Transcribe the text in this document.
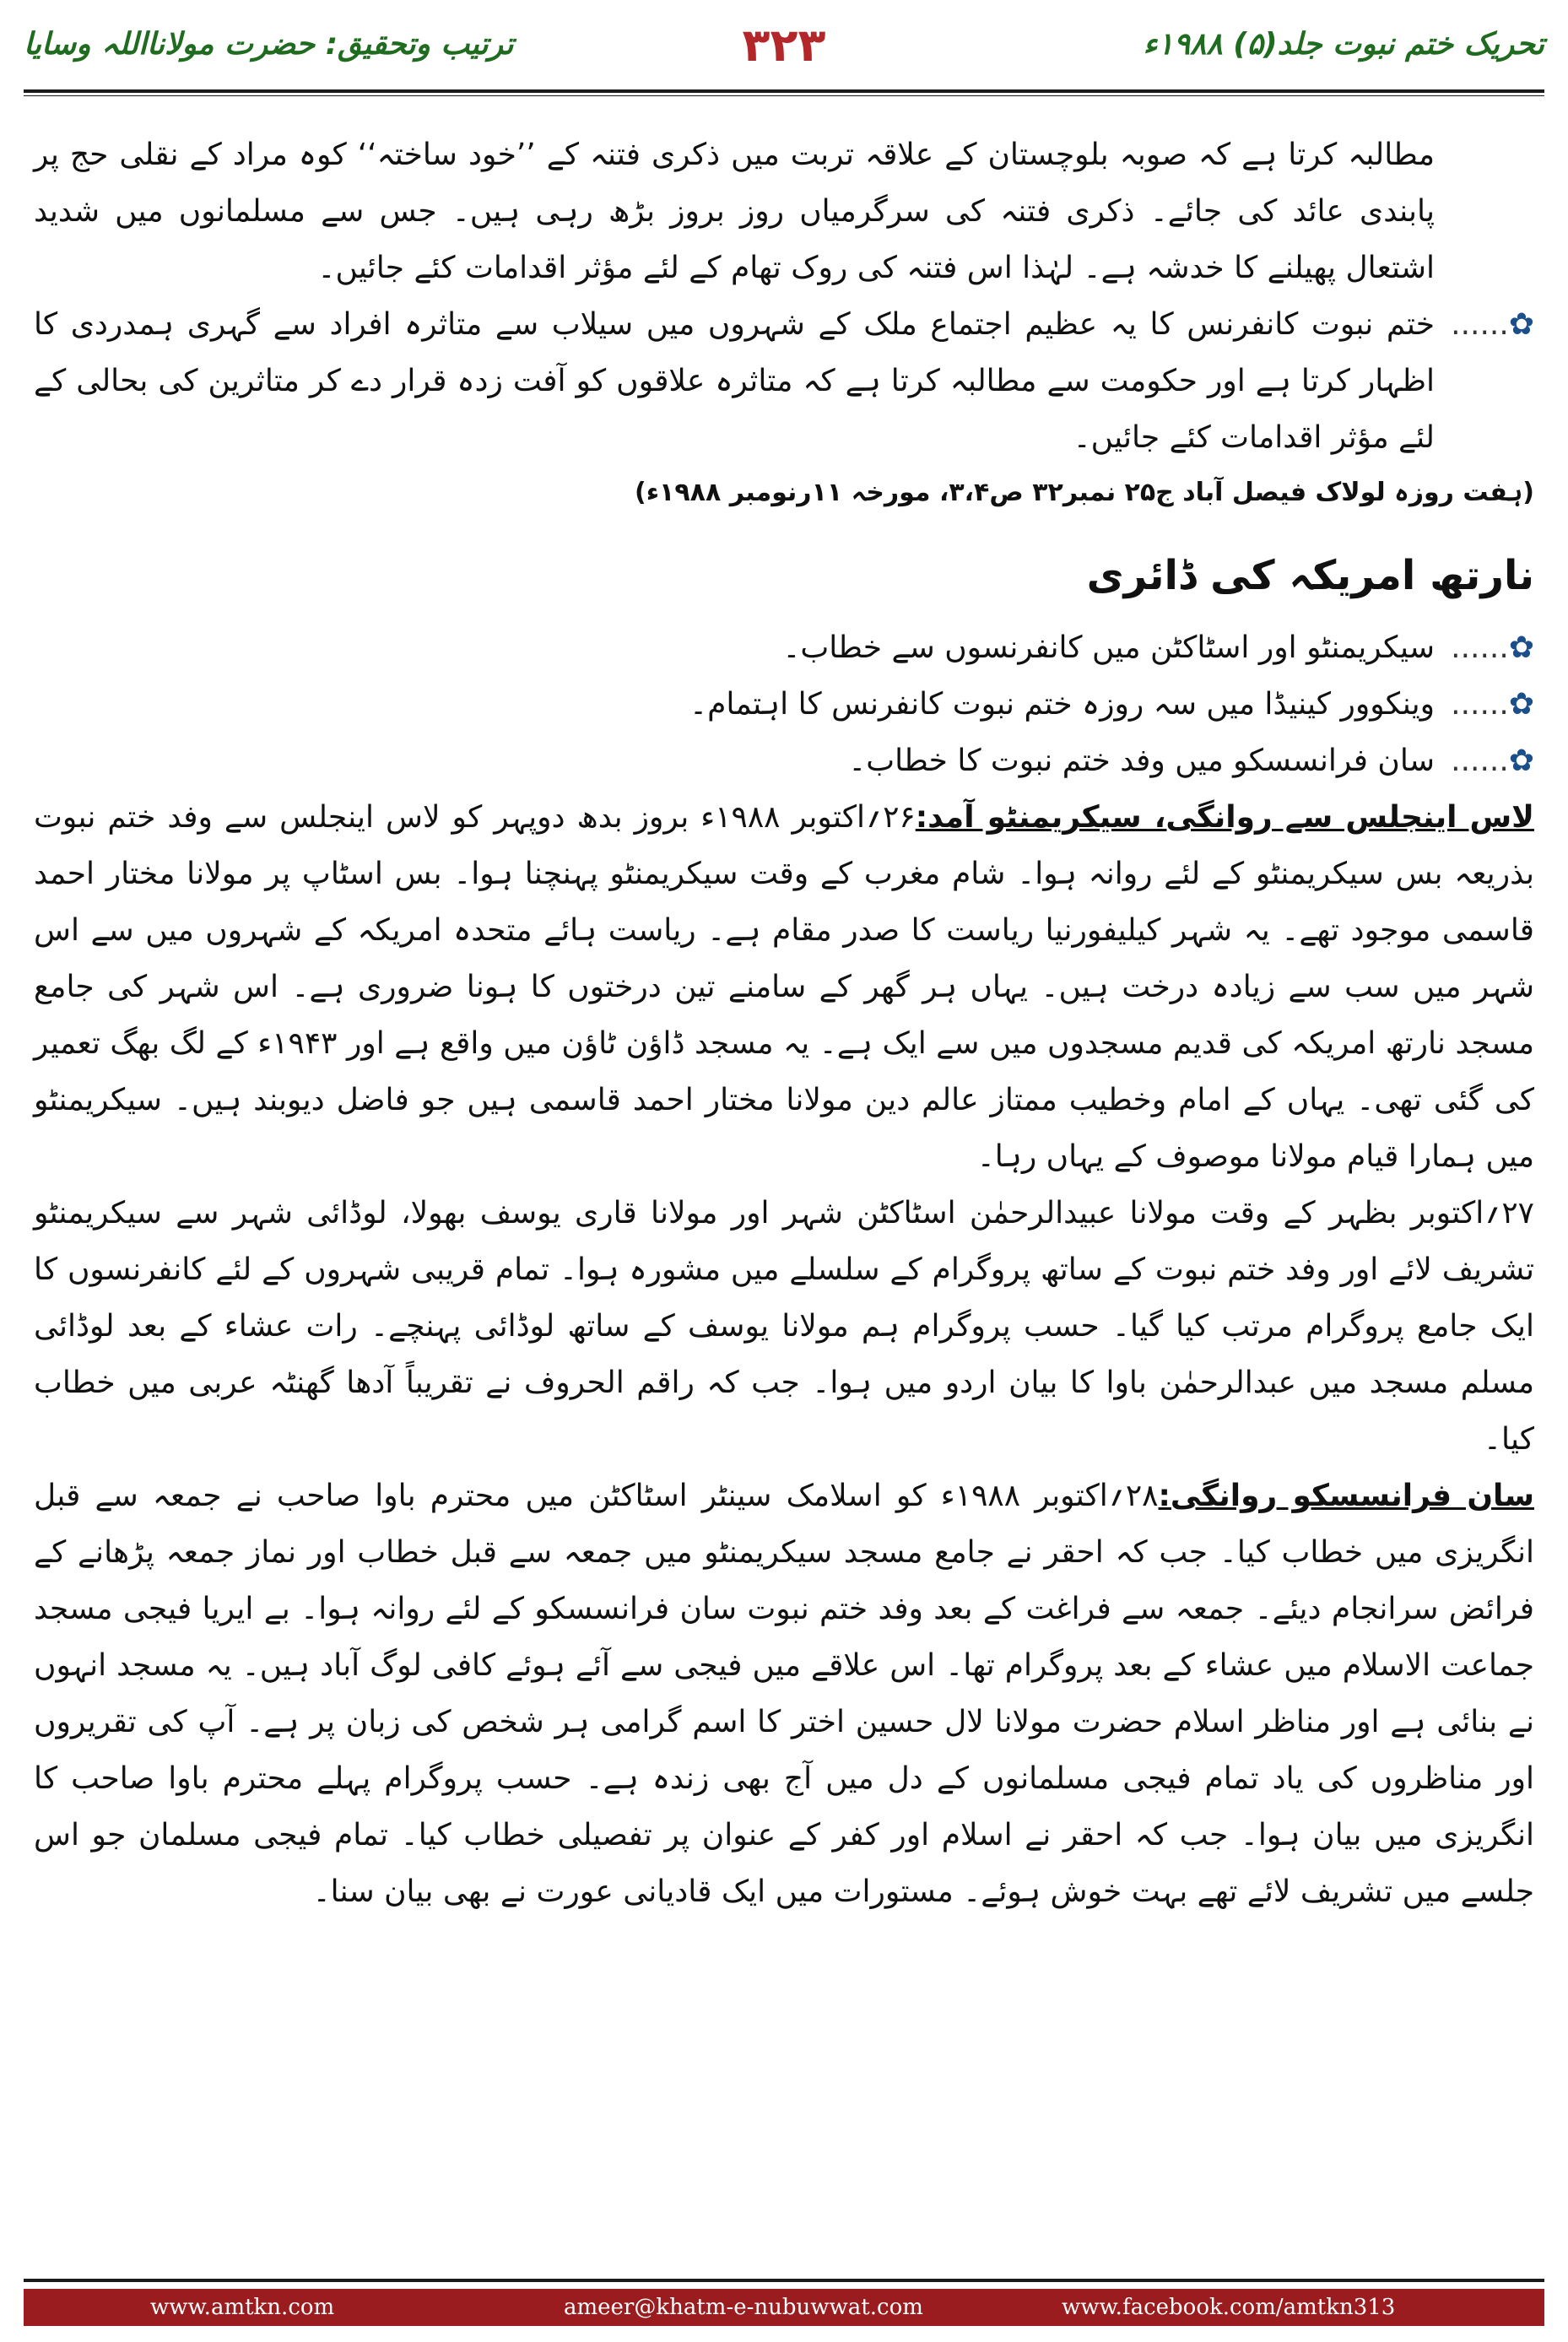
تحریک ختم نبوت جلد(۵) ۱۹۸۸ء
۳۲۳
ترتیب وتحقیق: حضرت مولانااللہ وسایا

مطالبہ کرتا ہے کہ صوبہ بلوچستان کے علاقہ تربت میں ذکری فتنہ کے ’’خود ساختہ‘‘ کوہ مراد کے نقلی حج پر پابندی عائد کی جائے۔ ذکری فتنہ کی سرگرمیاں روز بروز بڑھ رہی ہیں۔ جس سے مسلمانوں میں شدید اشتعال پھیلنے کا خدشہ ہے۔ لہٰذا اس فتنہ کی روک تھام کے لئے مؤثر اقدامات کئے جائیں۔

✿......
ختم نبوت کانفرنس کا یہ عظیم اجتماع ملک کے شہروں میں سیلاب سے متاثرہ افراد سے گہری ہمدردی کا اظہار کرتا ہے اور حکومت سے مطالبہ کرتا ہے کہ متاثرہ علاقوں کو آفت زدہ قرار دے کر متاثرین کی بحالی کے لئے مؤثر اقدامات کئے جائیں۔
(ہفت روزہ لولاک فیصل آباد ج۲۵ نمبر۳۲ ص۳،۴، مورخہ ۱۱رنومبر ۱۹۸۸ء)
نارتھ امریکہ کی ڈائری
✿......
سیکریمنٹو اور اسٹاکٹن میں کانفرنسوں سے خطاب۔
✿......
وینکوور کینیڈا میں سہ روزہ ختم نبوت کانفرنس کا اہتمام۔
✿......
سان فرانسسکو میں وفد ختم نبوت کا خطاب۔

لاس اینجلس سے روانگی، سیکریمنٹو آمد:۲۶؍اکتوبر ۱۹۸۸ء بروز بدھ دوپہر کو لاس اینجلس سے وفد ختم نبوت بذریعہ بس سیکریمنٹو کے لئے روانہ ہوا۔ شام مغرب کے وقت سیکریمنٹو پہنچنا ہوا۔ بس اسٹاپ پر مولانا مختار احمد قاسمی موجود تھے۔ یہ شہر کیلیفورنیا ریاست کا صدر مقام ہے۔ ریاست ہائے متحدہ امریکہ کے شہروں میں سے اس شہر میں سب سے زیادہ درخت ہیں۔ یہاں ہر گھر کے سامنے تین درختوں کا ہونا ضروری ہے۔ اس شہر کی جامع مسجد نارتھ امریکہ کی قدیم مسجدوں میں سے ایک ہے۔ یہ مسجد ڈاؤن ٹاؤن میں واقع ہے اور ۱۹۴۳ء کے لگ بھگ تعمیر کی گئی تھی۔ یہاں کے امام وخطیب ممتاز عالم دین مولانا مختار احمد قاسمی ہیں جو فاضل دیوبند ہیں۔ سیکریمنٹو میں ہمارا قیام مولانا موصوف کے یہاں رہا۔

۲۷؍اکتوبر بظہر کے وقت مولانا عبیدالرحمٰن اسٹاکٹن شہر اور مولانا قاری یوسف بھولا، لوڈائی شہر سے سیکریمنٹو تشریف لائے اور وفد ختم نبوت کے ساتھ پروگرام کے سلسلے میں مشورہ ہوا۔ تمام قریبی شہروں کے لئے کانفرنسوں کا ایک جامع پروگرام مرتب کیا گیا۔ حسب پروگرام ہم مولانا یوسف کے ساتھ لوڈائی پہنچے۔ رات عشاء کے بعد لوڈائی مسلم مسجد میں عبدالرحمٰن باوا کا بیان اردو میں ہوا۔ جب کہ راقم الحروف نے تقریباً آدھا گھنٹہ عربی میں خطاب کیا۔

سان فرانسسکو روانگی:۲۸؍اکتوبر ۱۹۸۸ء کو اسلامک سینٹر اسٹاکٹن میں محترم باوا صاحب نے جمعہ سے قبل انگریزی میں خطاب کیا۔ جب کہ احقر نے جامع مسجد سیکریمنٹو میں جمعہ سے قبل خطاب اور نماز جمعہ پڑھانے کے فرائض سرانجام دیئے۔ جمعہ سے فراغت کے بعد وفد ختم نبوت سان فرانسسکو کے لئے روانہ ہوا۔ بے ایریا فیجی مسجد جماعت الاسلام میں عشاء کے بعد پروگرام تھا۔ اس علاقے میں فیجی سے آئے ہوئے کافی لوگ آباد ہیں۔ یہ مسجد انہوں نے بنائی ہے اور مناظر اسلام حضرت مولانا لال حسین اختر کا اسم گرامی ہر شخص کی زبان پر ہے۔ آپ کی تقریروں اور مناظروں کی یاد تمام فیجی مسلمانوں کے دل میں آج بھی زندہ ہے۔ حسب پروگرام پہلے محترم باوا صاحب کا انگریزی میں بیان ہوا۔ جب کہ احقر نے اسلام اور کفر کے عنوان پر تفصیلی خطاب کیا۔ تمام فیجی مسلمان جو اس جلسے میں تشریف لائے تھے بہت خوش ہوئے۔ مستورات میں ایک قادیانی عورت نے بھی بیان سنا۔

www.amtkn.com	ameer@khatm-e-nubuwwat.com	www.facebook.com/amtkn313
